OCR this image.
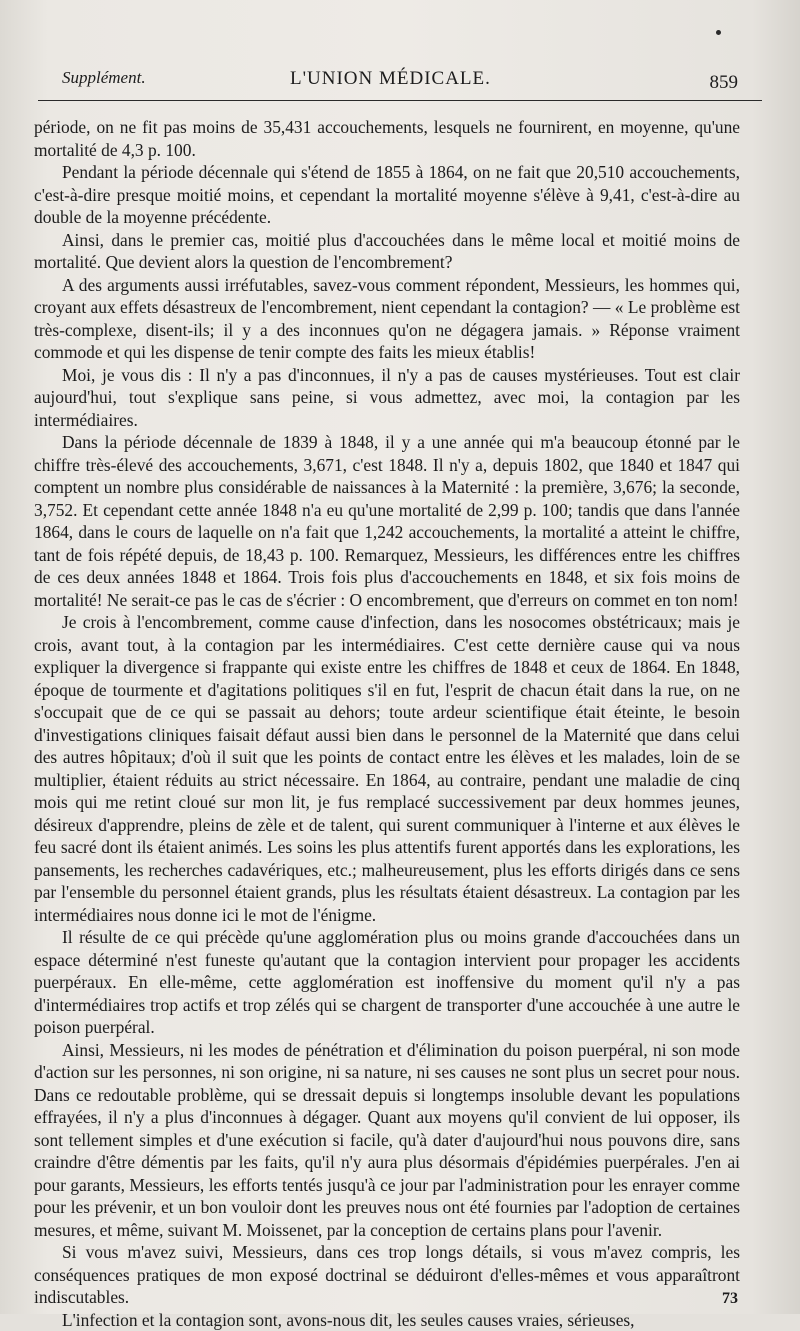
Supplément.	L'UNION MÉDICALE.	859

période, on ne fit pas moins de 35,431 accouchements, lesquels ne fournirent, en moyenne, qu'une mortalité de 4,3 p. 100.

Pendant la période décennale qui s'étend de 1855 à 1864, on ne fait que 20,510 accouchements, c'est-à-dire presque moitié moins, et cependant la mortalité moyenne s'élève à 9,41, c'est-à-dire au double de la moyenne précédente.

Ainsi, dans le premier cas, moitié plus d'accouchées dans le même local et moitié moins de mortalité. Que devient alors la question de l'encombrement?

A des arguments aussi irréfutables, savez-vous comment répondent, Messieurs, les hommes qui, croyant aux effets désastreux de l'encombrement, nient cependant la contagion? — « Le problème est très-complexe, disent-ils; il y a des inconnues qu'on ne dégagera jamais. » Réponse vraiment commode et qui les dispense de tenir compte des faits les mieux établis!

Moi, je vous dis : Il n'y a pas d'inconnues, il n'y a pas de causes mystérieuses. Tout est clair aujourd'hui, tout s'explique sans peine, si vous admettez, avec moi, la contagion par les intermédiaires.

Dans la période décennale de 1839 à 1848, il y a une année qui m'a beaucoup étonné par le chiffre très-élevé des accouchements, 3,671, c'est 1848. Il n'y a, depuis 1802, que 1840 et 1847 qui comptent un nombre plus considérable de naissances à la Maternité : la première, 3,676; la seconde, 3,752. Et cependant cette année 1848 n'a eu qu'une mortalité de 2,99 p. 100; tandis que dans l'année 1864, dans le cours de laquelle on n'a fait que 1,242 accouchements, la mortalité a atteint le chiffre, tant de fois répété depuis, de 18,43 p. 100. Remarquez, Messieurs, les différences entre les chiffres de ces deux années 1848 et 1864. Trois fois plus d'accouchements en 1848, et six fois moins de mortalité! Ne serait-ce pas le cas de s'écrier : O encombrement, que d'erreurs on commet en ton nom!

Je crois à l'encombrement, comme cause d'infection, dans les nosocomes obstétricaux; mais je crois, avant tout, à la contagion par les intermédiaires. C'est cette dernière cause qui va nous expliquer la divergence si frappante qui existe entre les chiffres de 1848 et ceux de 1864. En 1848, époque de tourmente et d'agitations politiques s'il en fut, l'esprit de chacun était dans la rue, on ne s'occupait que de ce qui se passait au dehors; toute ardeur scientifique était éteinte, le besoin d'investigations cliniques faisait défaut aussi bien dans le personnel de la Maternité que dans celui des autres hôpitaux; d'où il suit que les points de contact entre les élèves et les malades, loin de se multiplier, étaient réduits au strict nécessaire. En 1864, au contraire, pendant une maladie de cinq mois qui me retint cloué sur mon lit, je fus remplacé successivement par deux hommes jeunes, désireux d'apprendre, pleins de zèle et de talent, qui surent communiquer à l'interne et aux élèves le feu sacré dont ils étaient animés. Les soins les plus attentifs furent apportés dans les explorations, les pansements, les recherches cadavériques, etc.; malheureusement, plus les efforts dirigés dans ce sens par l'ensemble du personnel étaient grands, plus les résultats étaient désastreux. La contagion par les intermédiaires nous donne ici le mot de l'énigme.

Il résulte de ce qui précède qu'une agglomération plus ou moins grande d'accouchées dans un espace déterminé n'est funeste qu'autant que la contagion intervient pour propager les accidents puerpéraux. En elle-même, cette agglomération est inoffensive du moment qu'il n'y a pas d'intermédiaires trop actifs et trop zélés qui se chargent de transporter d'une accouchée à une autre le poison puerpéral.

Ainsi, Messieurs, ni les modes de pénétration et d'élimination du poison puerpéral, ni son mode d'action sur les personnes, ni son origine, ni sa nature, ni ses causes ne sont plus un secret pour nous. Dans ce redoutable problème, qui se dressait depuis si longtemps insoluble devant les populations effrayées, il n'y a plus d'inconnues à dégager. Quant aux moyens qu'il convient de lui opposer, ils sont tellement simples et d'une exécution si facile, qu'à dater d'aujourd'hui nous pouvons dire, sans craindre d'être démentis par les faits, qu'il n'y aura plus désormais d'épidémies puerpérales. J'en ai pour garants, Messieurs, les efforts tentés jusqu'à ce jour par l'administration pour les enrayer comme pour les prévenir, et un bon vouloir dont les preuves nous ont été fournies par l'adoption de certaines mesures, et même, suivant M. Moissenet, par la conception de certains plans pour l'avenir.

Si vous m'avez suivi, Messieurs, dans ces trop longs détails, si vous m'avez compris, les conséquences pratiques de mon exposé doctrinal se déduiront d'elles-mêmes et vous apparaîtront indiscutables.

L'infection et la contagion sont, avons-nous dit, les seules causes vraies, sérieuses,

73
